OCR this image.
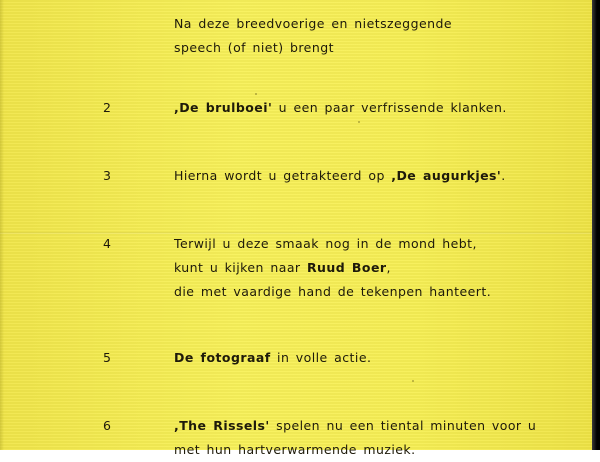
Na deze breedvoerige en nietszeggende
speech (of niet) brengt
2	,De brulboei' u een paar verfrissende klanken.
3	Hierna wordt u getrakteerd op ,De augurkjes'.
4	Terwijl u deze smaak nog in de mond hebt,
kunt u kijken naar Ruud Boer,
die met vaardige hand de tekenpen hanteert.
5	De fotograaf in volle actie.
6	,The Rissels' spelen nu een tiental minuten voor u
met hun hartverwarmende muziek.
